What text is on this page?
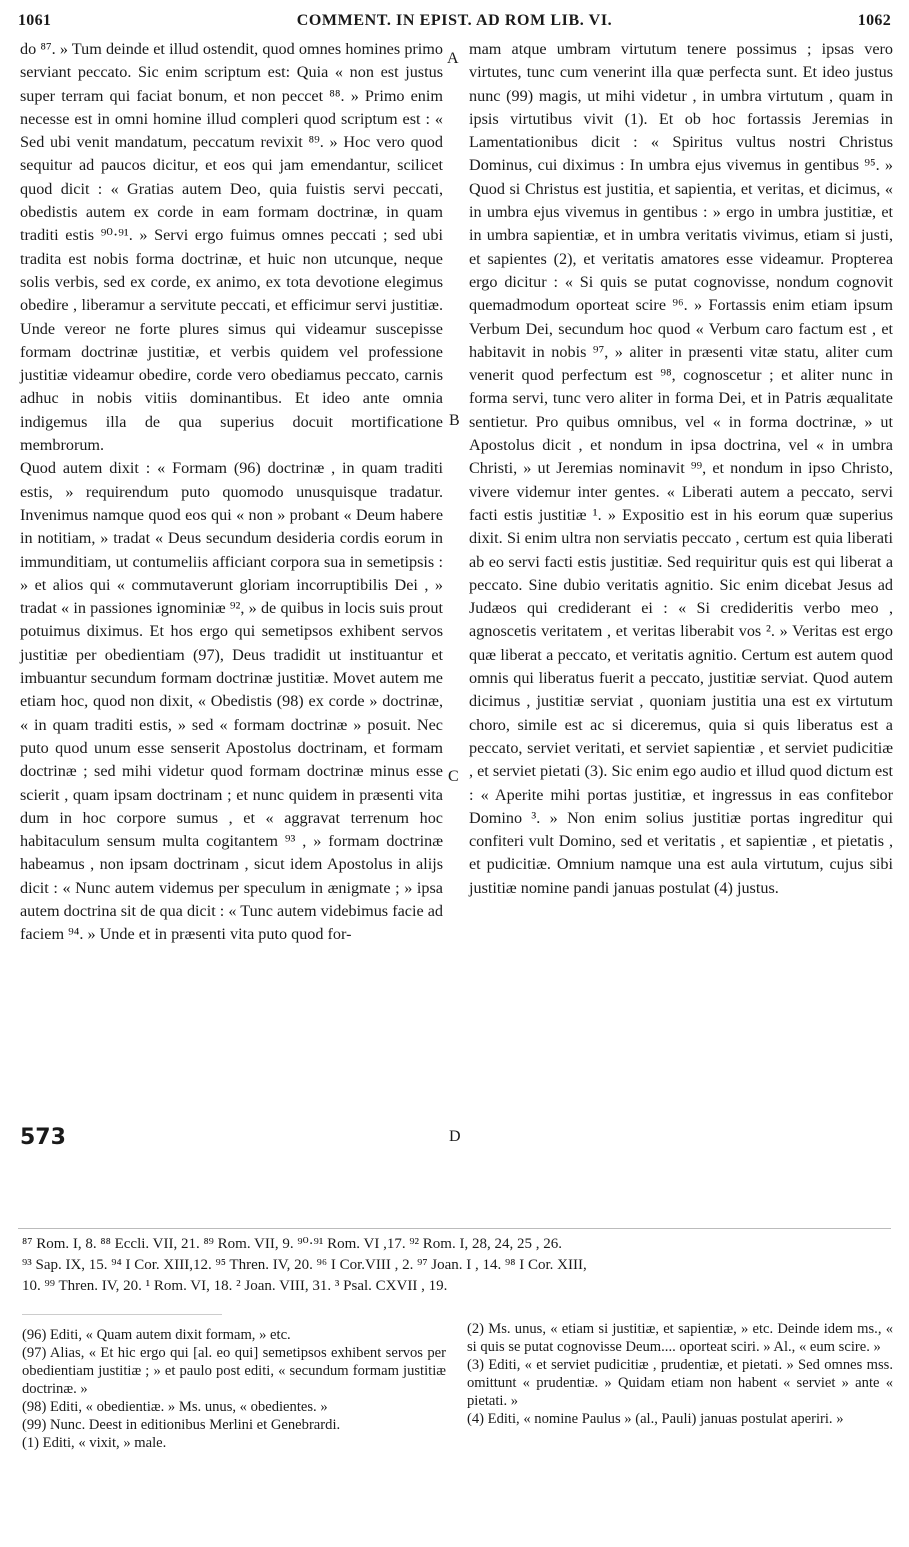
1061	COMMENT. IN EPIST. AD ROM LIB. VI.	1062

do ⁸⁷. » Tum deinde et illud ostendit, quod omnes homines primo serviant peccato. Sic enim scriptum est: Quia « non est justus super terram qui faciat bonum, et non peccet ⁸⁸. » Primo enim necesse est in omni homine illud compleri quod scriptum est : « Sed ubi venit mandatum, peccatum revixit ⁸⁹. » Hoc vero quod sequitur ad paucos dicitur, et eos qui jam emendantur, scilicet quod dicit : « Gratias autem Deo, quia fuistis servi peccati, obedistis autem ex corde in eam formam doctrinæ, in quam traditi estis ⁹⁰·⁹¹. » Servi ergo fuimus omnes peccati ; sed ubi tradita est nobis forma doctrinæ, et huic non utcunque, neque solis verbis, sed ex corde, ex animo, ex tota devotione elegimus obedire , liberamur a servitute peccati, et efficimur servi justitiæ. Unde vereor ne forte plures simus qui videamur suscepisse formam doctrinæ justitiæ, et verbis quidem vel professione justitiæ videamur obedire, corde vero obediamus peccato, carnis adhuc in nobis vitiis dominantibus. Et ideo ante omnia indigemus illa de qua superius docuit mortificatione membrorum.

Quod autem dixit : « Formam (96) doctrinæ , in quam traditi estis, » requirendum puto quomodo unusquisque tradatur. Invenimus namque quod eos qui « non » probant « Deum habere in notitiam, » tradat « Deus secundum desideria cordis eorum in immunditiam, ut contumeliis afficiant corpora sua in semetipsis : » et alios qui « commutaverunt gloriam incorruptibilis Dei , » tradat « in passiones ignominiæ ⁹², » de quibus in locis suis prout potuimus diximus. Et hos ergo qui semetipsos exhibent servos justitiæ per obedientiam (97), Deus tradidit ut instituantur et imbuantur secundum formam doctrinæ justitiæ. Movet autem me etiam hoc, quod non dixit, « Obedistis (98) ex corde » doctrinæ, « in quam traditi estis, » sed « formam doctrinæ » posuit. Nec puto quod unum esse senserit Apostolus doctrinam, et formam doctrinæ ; sed mihi videtur quod formam doctrinæ minus esse scierit , quam ipsam doctrinam ; et nunc quidem in præsenti vita dum in hoc corpore sumus , et « aggravat terrenum hoc habitaculum sensum multa cogitantem ⁹³ , » formam doctrinæ habeamus , non ipsam doctrinam , sicut idem Apostolus in alijs dicit : « Nunc autem videmus per speculum in ænigmate ; » ipsa autem doctrina sit de qua dicit : « Tunc autem videbimus facie ad faciem ⁹⁴. » Unde et in præsenti vita puto quod for-

mam atque umbram virtutum tenere possimus ; ipsas vero virtutes, tunc cum venerint illa quæ perfecta sunt. Et ideo justus nunc (99) magis, ut mihi videtur , in umbra virtutum , quam in ipsis virtutibus vivit (1). Et ob hoc fortassis Jeremias in Lamentationibus dicit : « Spiritus vultus nostri Christus Dominus, cui diximus : In umbra ejus vivemus in gentibus ⁹⁵. » Quod si Christus est justitia, et sapientia, et veritas, et dicimus, « in umbra ejus vivemus in gentibus : » ergo in umbra justitiæ, et in umbra sapientiæ, et in umbra veritatis vivimus, etiam si justi, et sapientes (2), et veritatis amatores esse videamur. Propterea ergo dicitur : « Si quis se putat cognovisse, nondum cognovit quemadmodum oporteat scire ⁹⁶. » Fortassis enim etiam ipsum Verbum Dei, secundum hoc quod « Verbum caro factum est , et habitavit in nobis ⁹⁷, » aliter in præsenti vitæ statu, aliter cum venerit quod perfectum est ⁹⁸, cognoscetur ; et aliter nunc in forma servi, tunc vero aliter in forma Dei, et in Patris æqualitate sentietur. Pro quibus omnibus, vel « in forma doctrinæ, » ut Apostolus dicit , et nondum in ipsa doctrina, vel « in umbra Christi, » ut Jeremias nominavit ⁹⁹, et nondum in ipso Christo, vivere videmur inter gentes. « Liberati autem a peccato, servi facti estis justitiæ ¹. » Expositio est in his eorum quæ superius dixit. Si enim ultra non serviatis peccato , certum est quia liberati ab eo servi facti estis justitiæ. Sed requiritur quis est qui liberat a peccato. Sine dubio veritatis agnitio. Sic enim dicebat Jesus ad Judæos qui crediderant ei : « Si credideritis verbo meo , agnoscetis veritatem , et veritas liberabit vos ². » Veritas est ergo quæ liberat a peccato, et veritatis agnitio. Certum est autem quod omnis qui liberatus fuerit a peccato, justitiæ serviat. Quod autem dicimus , justitiæ serviat , quoniam justitia una est ex virtutum choro, simile est ac si diceremus, quia si quis liberatus est a peccato, serviet veritati, et serviet sapientiæ , et serviet pudicitiæ , et serviet pietati (3). Sic enim ego audio et illud quod dictum est : « Aperite mihi portas justitiæ, et ingressus in eas confitebor Domino ³. » Non enim solius justitiæ portas ingreditur qui confiteri vult Domino, sed et veritatis , et sapientiæ , et pietatis , et pudicitiæ. Omnium namque una est aula virtutum, cujus sibi justitiæ nomine pandi januas postulat (4) justus.

A
B
C
D
573

⁸⁷ Rom. I, 8. ⁸⁸ Eccli. VII, 21. ⁸⁹ Rom. VII, 9. ⁹⁰·⁹¹ Rom. VI ,17. ⁹² Rom. I, 28, 24, 25 , 26.

⁹³ Sap. IX, 15. ⁹⁴ I Cor. XIII,12. ⁹⁵ Thren. IV, 20. ⁹⁶ I Cor.VIII , 2. ⁹⁷ Joan. I , 14. ⁹⁸ I Cor. XIII,

10. ⁹⁹ Thren. IV, 20. ¹ Rom. VI, 18. ² Joan. VIII, 31. ³ Psal. CXVII , 19.

(96) Editi, « Quam autem dixit formam, » etc.

(97) Alias, « Et hic ergo qui [al. eo qui] semetipsos exhibent servos per obedientiam justitiæ ; » et paulo post editi, « secundum formam justitiæ doctrinæ. »

(98) Editi, « obedientiæ. » Ms. unus, « obedientes. »

(99) Nunc. Deest in editionibus Merlini et Genebrardi.

(1) Editi, « vixit, » male.

(2) Ms. unus, « etiam si justitiæ, et sapientiæ, » etc. Deinde idem ms., « si quis se putat cognovisse Deum.... oporteat sciri. » Al., « eum scire. »

(3) Editi, « et serviet pudicitiæ , prudentiæ, et pietati. » Sed omnes mss. omittunt « prudentiæ. » Quidam etiam non habent « serviet » ante « pietati. »

(4) Editi, « nomine Paulus » (al., Pauli) januas postulat aperiri. »
